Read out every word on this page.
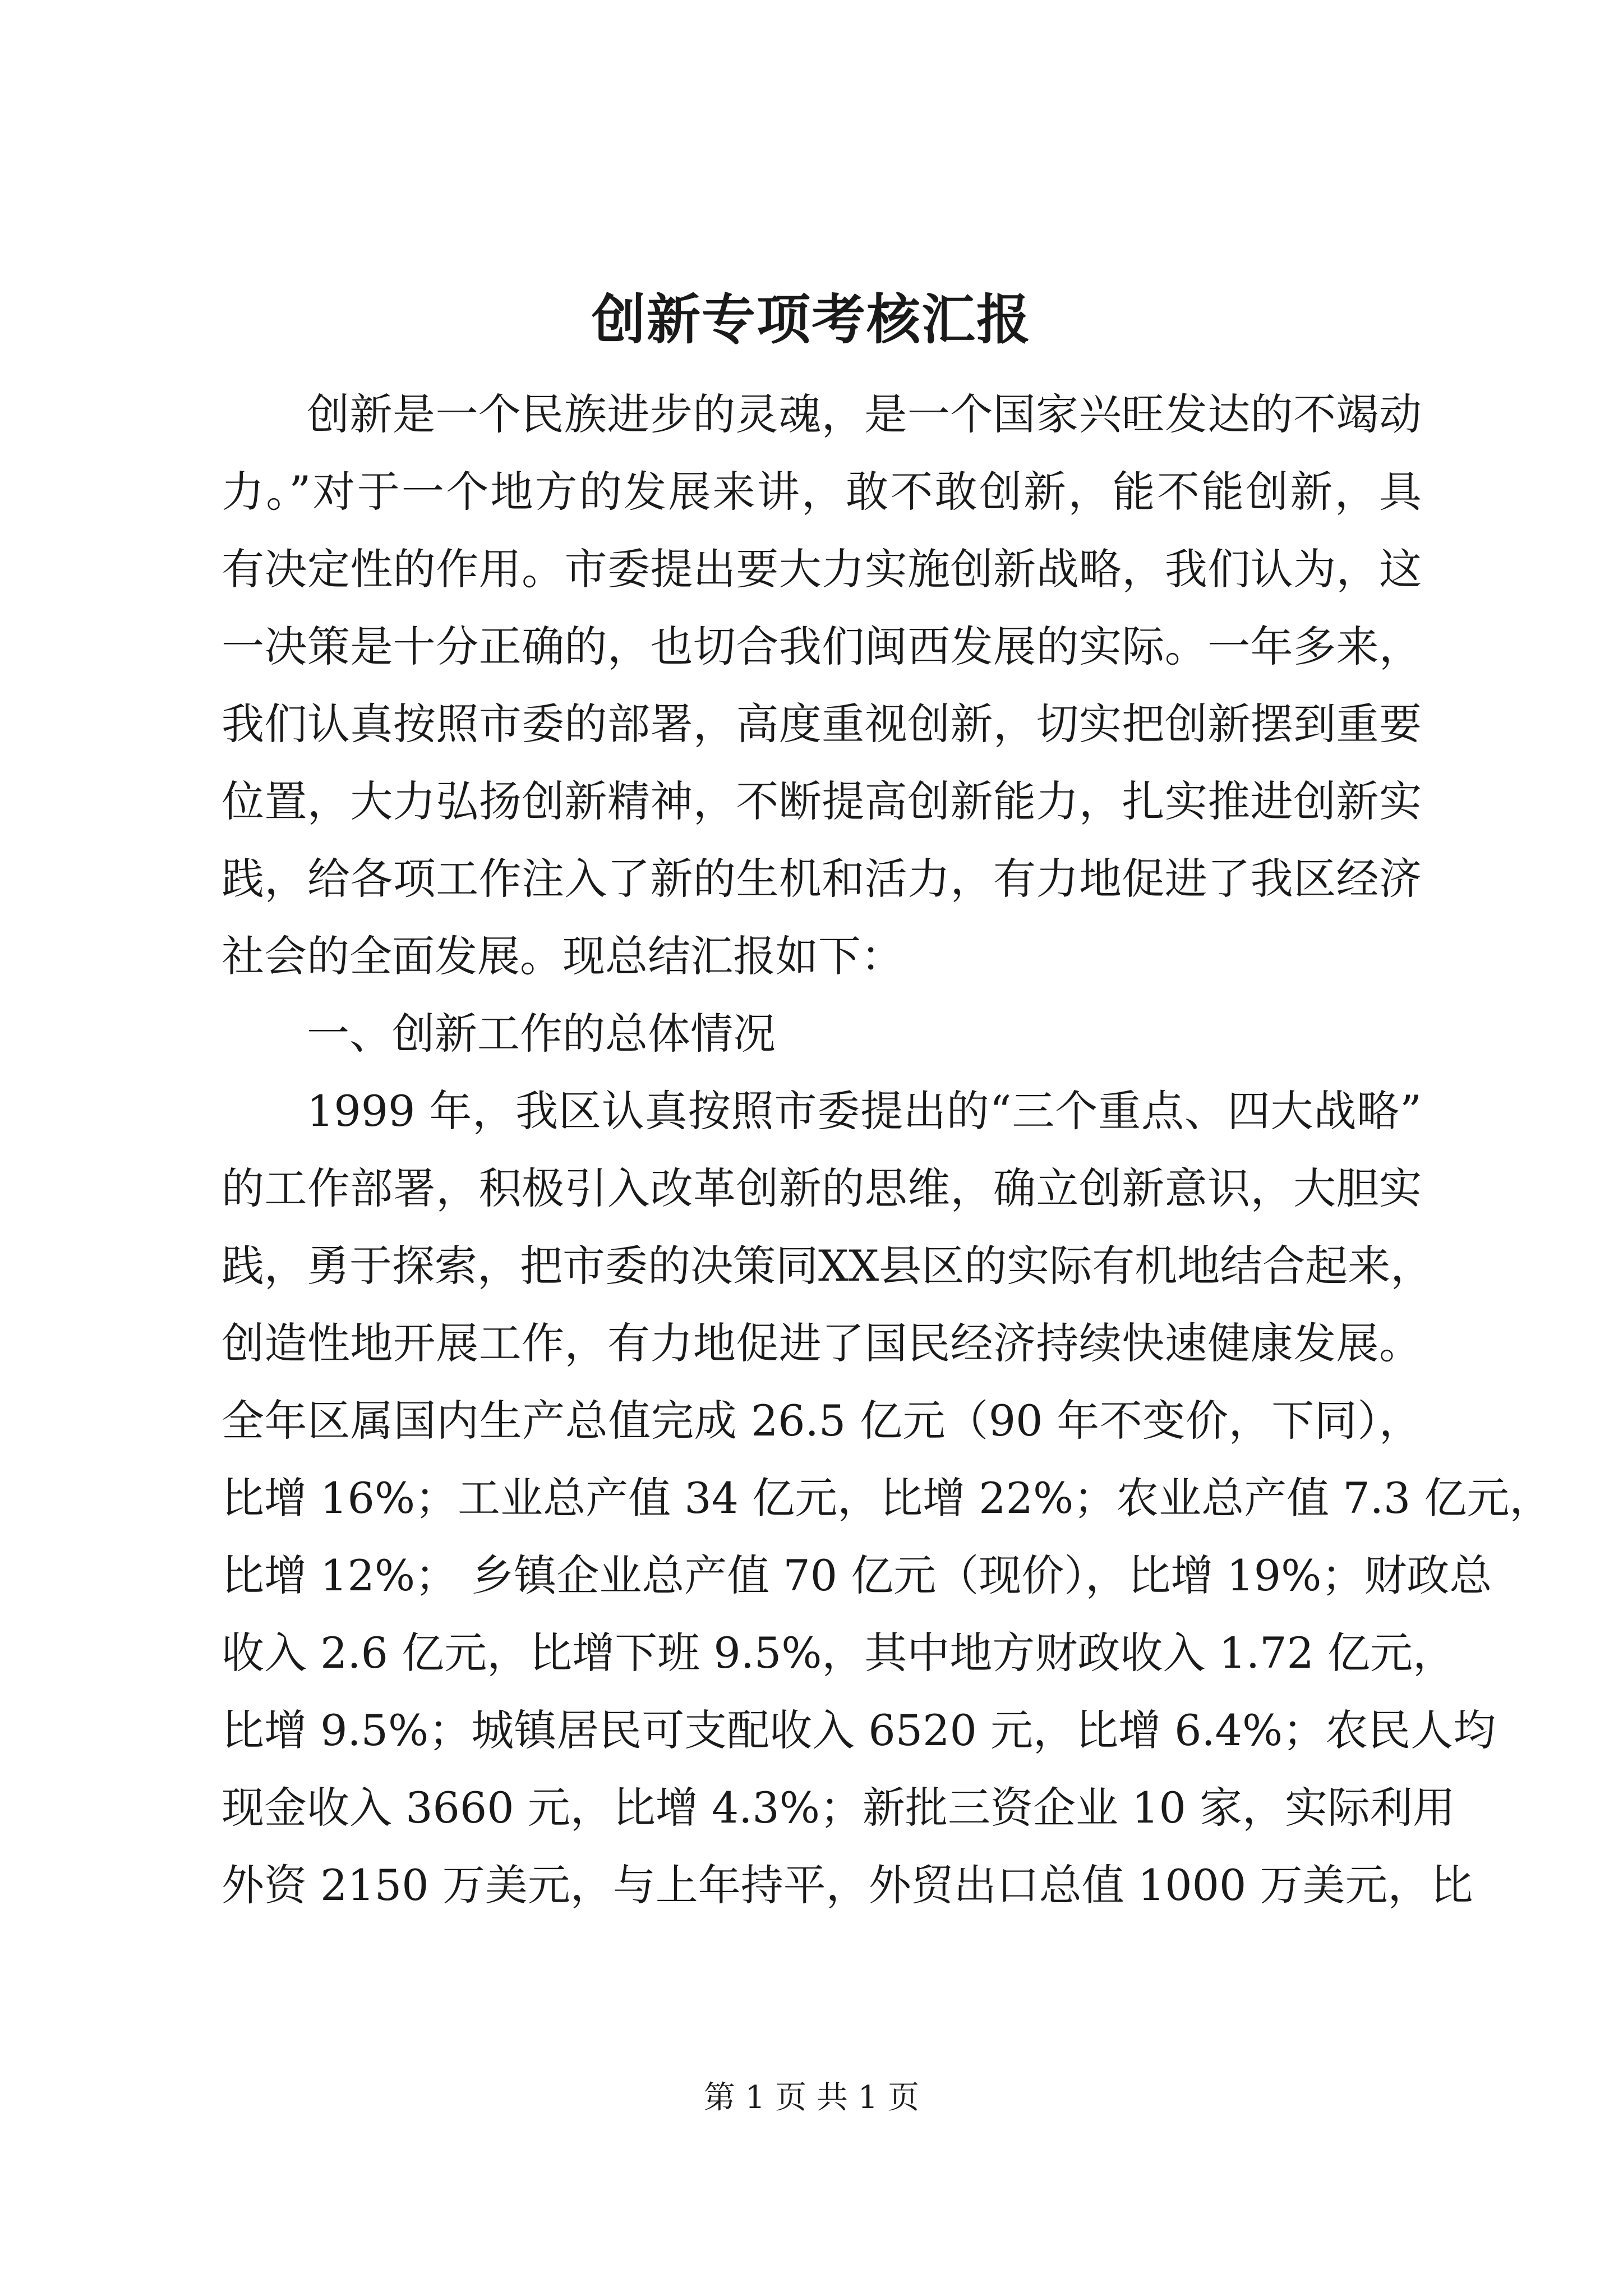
创新专项考核汇报

创新是一个民族进步的灵魂，是一个国家兴旺发达的不竭动

力。”对于一个地方的发展来讲，敢不敢创新，能不能创新，具

有决定性的作用。市委提出要大力实施创新战略，我们认为，这

一决策是十分正确的，也切合我们闽西发展的实际。一年多来，

我们认真按照市委的部署，高度重视创新，切实把创新摆到重要

位置，大力弘扬创新精神，不断提高创新能力，扎实推进创新实

践，给各项工作注入了新的生机和活力，有力地促进了我区经济

社会的全面发展。现总结汇报如下：

一、创新工作的总体情况

1999 年，我区认真按照市委提出的“三个重点、四大战略”

的工作部署，积极引入改革创新的思维，确立创新意识，大胆实

践，勇于探索，把市委的决策同XX县区的实际有机地结合起来，

创造性地开展工作，有力地促进了国民经济持续快速健康发展。

全年区属国内生产总值完成 26.5 亿元（90 年不变价，下同），

比增 16%；工业总产值 34 亿元，比增 22%；农业总产值 7.3 亿元，

比增 12%； 乡镇企业总产值 70 亿元（现价），比增 19%；财政总

收入 2.6 亿元，比增下班 9.5%，其中地方财政收入 1.72 亿元，

比增 9.5%；城镇居民可支配收入 6520 元，比增 6.4%；农民人均

现金收入 3660 元，比增 4.3%；新批三资企业 10 家，实际利用

外资 2150 万美元，与上年持平，外贸出口总值 1000 万美元，比

第 1 页 共 1 页
